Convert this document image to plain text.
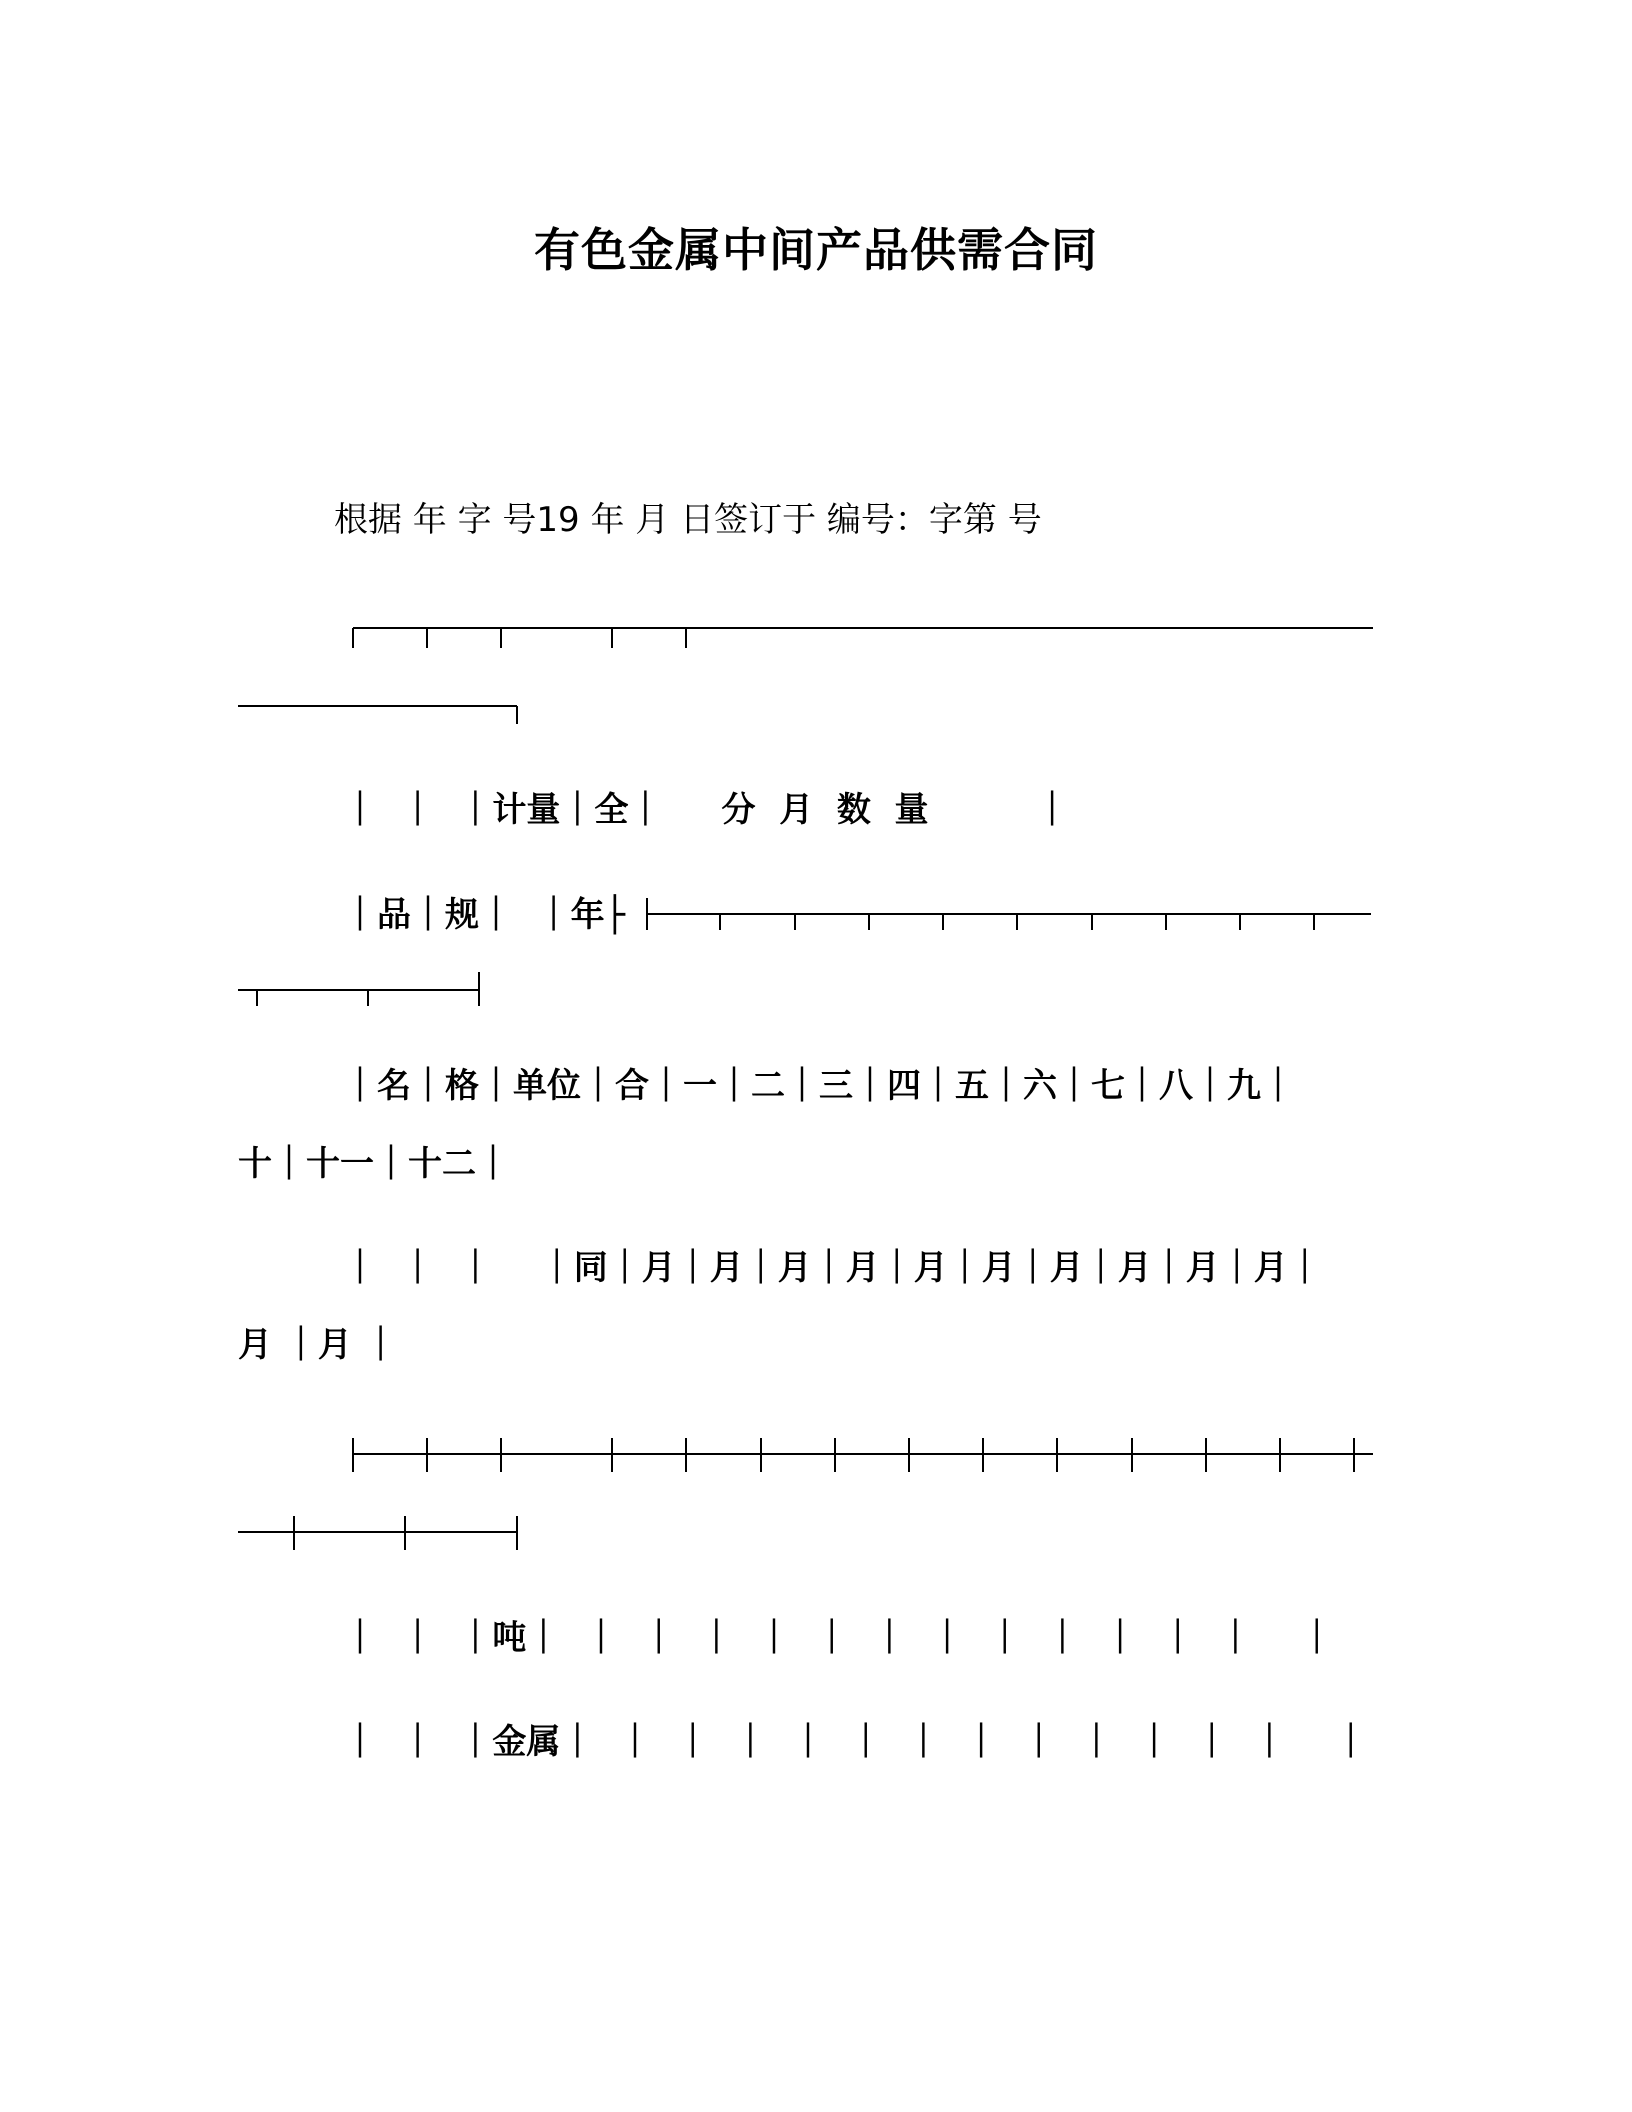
有色金属中间产品供需合同
根据 年 字 号19 年 月 日签订于 编号：字第 号
｜  ｜  ｜计量｜全｜     分  月  数  量         ｜
｜品｜规｜  ｜年├
｜名｜格｜单位｜合｜一｜二｜三｜四｜五｜六｜七｜八｜九｜
十｜十一｜十二｜
｜  ｜  ｜    ｜同｜月｜月｜月｜月｜月｜月｜月｜月｜月｜月｜
月 ｜月 ｜
｜  ｜  ｜吨｜  ｜  ｜  ｜  ｜  ｜  ｜  ｜  ｜  ｜  ｜  ｜  ｜    ｜
｜  ｜  ｜金属｜  ｜  ｜  ｜  ｜  ｜  ｜  ｜  ｜  ｜  ｜  ｜  ｜    ｜
